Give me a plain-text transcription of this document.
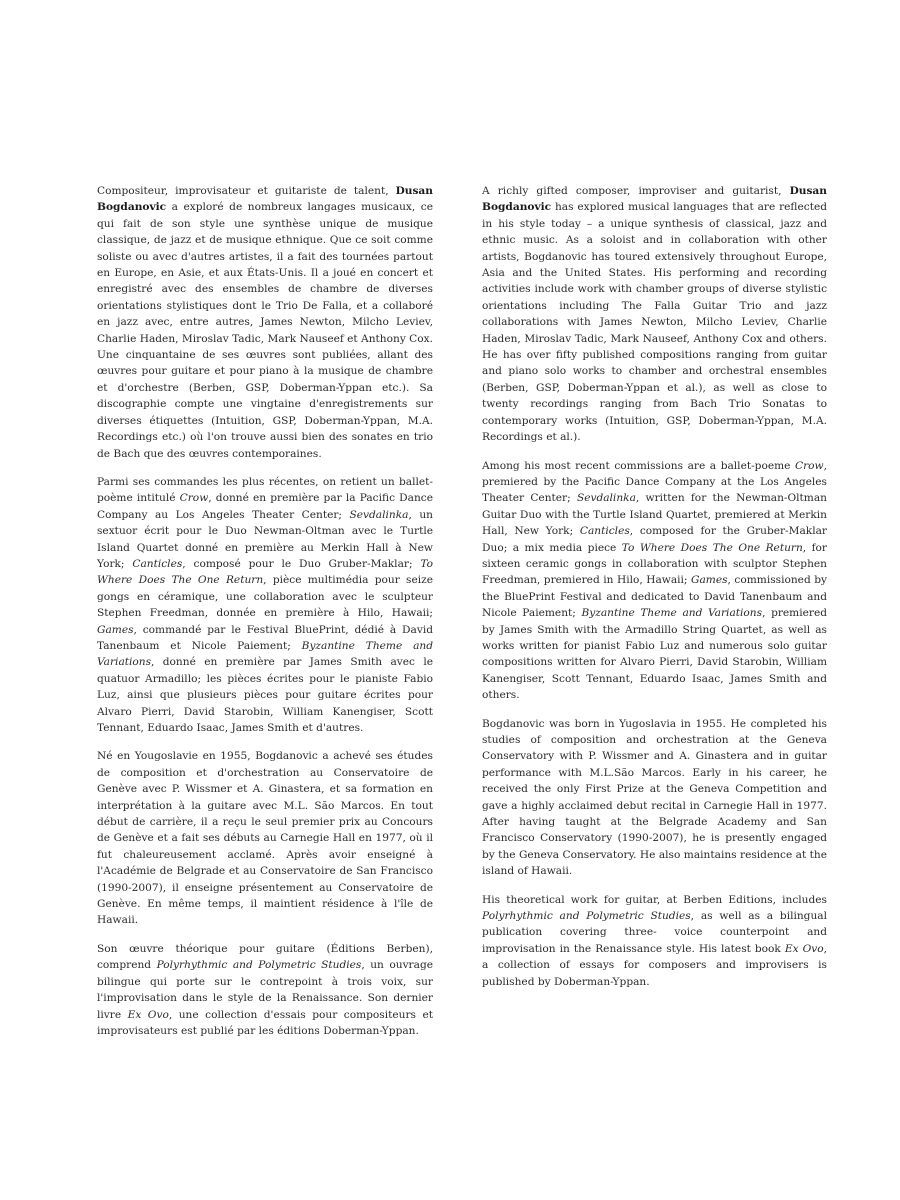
Compositeur, improvisateur et guitariste de talent, Dusan Bogdanovic a exploré de nombreux langages musicaux, ce qui fait de son style une synthèse unique de musique classique, de jazz et de musique ethnique. Que ce soit comme soliste ou avec d'autres artistes, il a fait des tournées partout en Europe, en Asie, et aux États-Unis. Il a joué en concert et enregistré avec des ensembles de chambre de diverses orientations stylistiques dont le Trio De Falla, et a collaboré en jazz avec, entre autres, James Newton, Milcho Leviev, Charlie Haden, Miroslav Tadic, Mark Nauseef et Anthony Cox. Une cinquantaine de ses œuvres sont publiées, allant des œuvres pour guitare et pour piano à la musique de chambre et d'orchestre (Berben, GSP, Doberman-Yppan etc.). Sa discographie compte une vingtaine d'enregistrements sur diverses étiquettes (Intuition, GSP, Doberman-Yppan, M.A. Recordings etc.) où l'on trouve aussi bien des sonates en trio de Bach que des œuvres contemporaines.

Parmi ses commandes les plus récentes, on retient un ballet-poème intitulé Crow, donné en première par la Pacific Dance Company au Los Angeles Theater Center; Sevdalinka, un sextuor écrit pour le Duo Newman-Oltman avec le Turtle Island Quartet donné en première au Merkin Hall à New York; Canticles, composé pour le Duo Gruber-Maklar; To Where Does The One Return, pièce multimédia pour seize gongs en céramique, une collaboration avec le sculpteur Stephen Freedman, donnée en première à Hilo, Hawaii; Games, commandé par le Festival BluePrint, dédié à David Tanenbaum et Nicole Paiement; Byzantine Theme and Variations, donné en première par James Smith avec le quatuor Armadillo; les pièces écrites pour le pianiste Fabio Luz, ainsi que plusieurs pièces pour guitare écrites pour Alvaro Pierri, David Starobin, William Kanengiser, Scott Tennant, Eduardo Isaac, James Smith et d'autres.

Né en Yougoslavie en 1955, Bogdanovic a achevé ses études de composition et d'orchestration au Conservatoire de Genève avec P. Wissmer et A. Ginastera, et sa formation en interprétation à la guitare avec M.L. São Marcos. En tout début de carrière, il a reçu le seul premier prix au Concours de Genève et a fait ses débuts au Carnegie Hall en 1977, où il fut chaleureusement acclamé. Après avoir enseigné à l'Académie de Belgrade et au Conservatoire de San Francisco (1990-2007), il enseigne présentement au Conservatoire de Genève. En même temps, il maintient résidence à l'île de Hawaii.

Son œuvre théorique pour guitare (Éditions Berben), comprend Polyrhythmic and Polymetric Studies, un ouvrage bilingue qui porte sur le contrepoint à trois voix, sur l'improvisation dans le style de la Renaissance. Son dernier livre Ex Ovo, une collection d'essais pour compositeurs et improvisateurs est publié par les éditions Doberman-Yppan.

A richly gifted composer, improviser and guitarist, Dusan Bogdanovic has explored musical languages that are reflected in his style today – a unique synthesis of classical, jazz and ethnic music. As a soloist and in collaboration with other artists, Bogdanovic has toured extensively throughout Europe, Asia and the United States. His performing and recording activities include work with chamber groups of diverse stylistic orientations including The Falla Guitar Trio and jazz collaborations with James Newton, Milcho Leviev, Charlie Haden, Miroslav Tadic, Mark Nauseef, Anthony Cox and others. He has over fifty published compositions ranging from guitar and piano solo works to chamber and orchestral ensembles (Berben, GSP, Doberman-Yppan et al.), as well as close to twenty recordings ranging from Bach Trio Sonatas to contemporary works (Intuition, GSP, Doberman-Yppan, M.A. Recordings et al.).

Among his most recent commissions are a ballet-poeme Crow, premiered by the Pacific Dance Company at the Los Angeles Theater Center; Sevdalinka, written for the Newman-Oltman Guitar Duo with the Turtle Island Quartet, premiered at Merkin Hall, New York; Canticles, composed for the Gruber-Maklar Duo; a mix media piece To Where Does The One Return, for sixteen ceramic gongs in collaboration with sculptor Stephen Freedman, premiered in Hilo, Hawaii; Games, commissioned by the BluePrint Festival and dedicated to David Tanenbaum and Nicole Paiement; Byzantine Theme and Variations, premiered by James Smith with the Armadillo String Quartet, as well as works written for pianist Fabio Luz and numerous solo guitar compositions written for Alvaro Pierri, David Starobin, William Kanengiser, Scott Tennant, Eduardo Isaac, James Smith and others.

Bogdanovic was born in Yugoslavia in 1955. He completed his studies of composition and orchestration at the Geneva Conservatory with P. Wissmer and A. Ginastera and in guitar performance with M.L.São Marcos. Early in his career, he received the only First Prize at the Geneva Competition and gave a highly acclaimed debut recital in Carnegie Hall in 1977. After having taught at the Belgrade Academy and San Francisco Conservatory (1990-2007), he is presently engaged by the Geneva Conservatory. He also maintains residence at the island of Hawaii.

His theoretical work for guitar, at Berben Editions, includes Polyrhythmic and Polymetric Studies, as well as a bilingual publication covering three- voice counterpoint and improvisation in the Renaissance style. His latest book Ex Ovo, a collection of essays for composers and improvisers is published by Doberman-Yppan.
